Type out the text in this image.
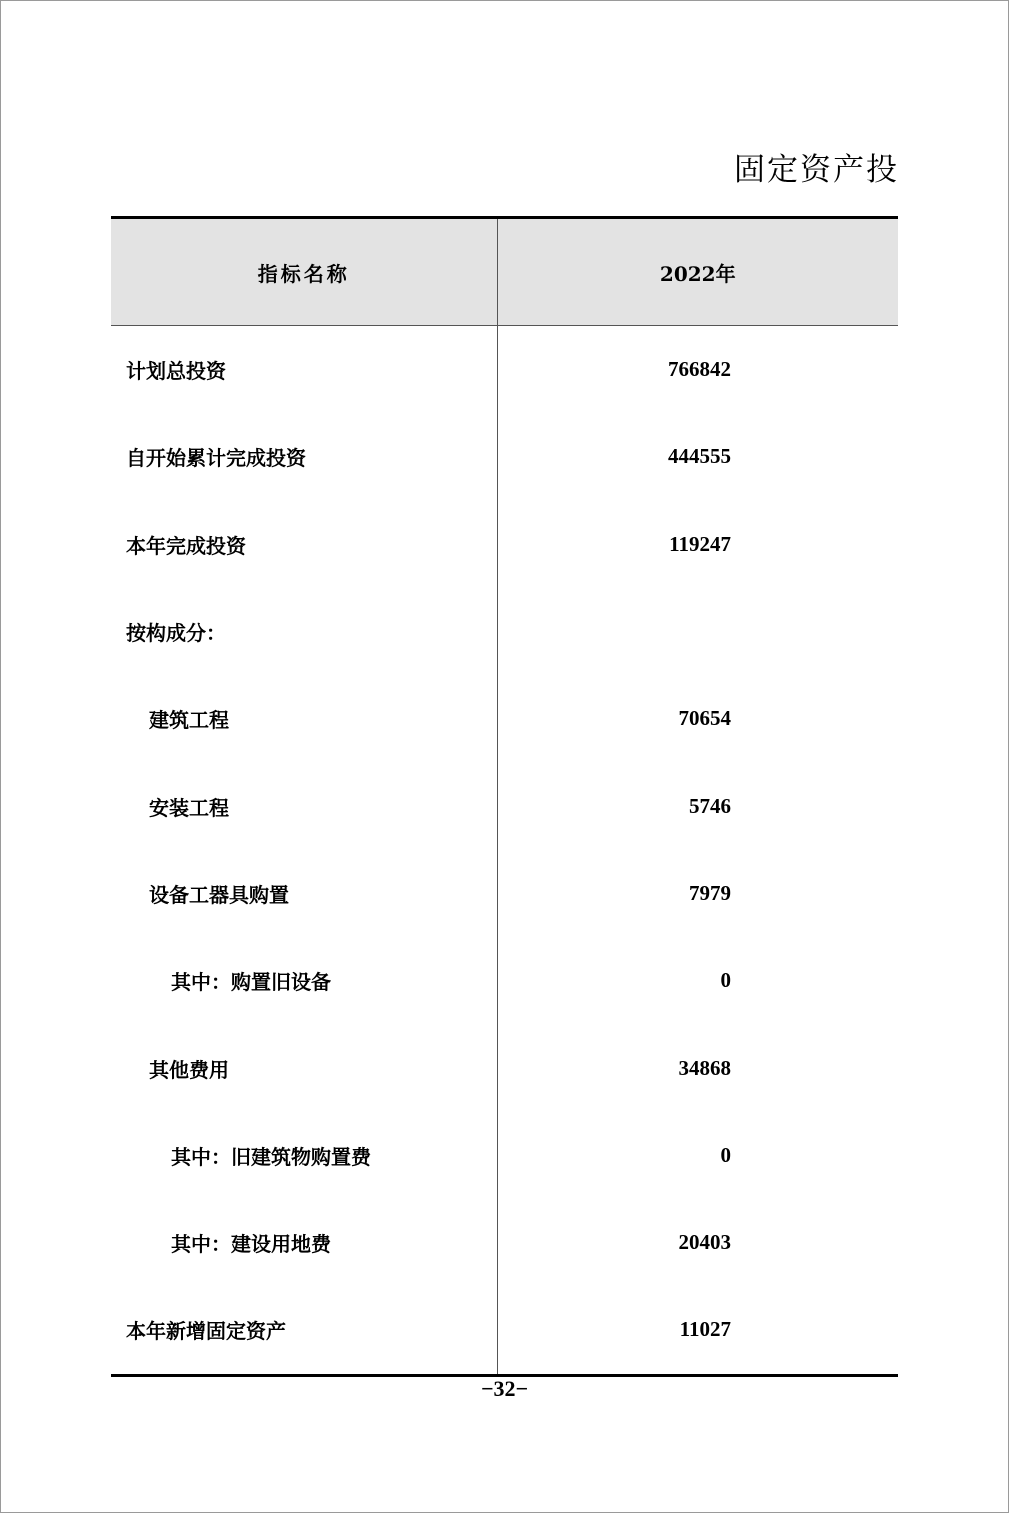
固定资产投
指标名称	2022年
计划总投资	766842
自开始累计完成投资	444555
本年完成投资	119247
按构成分：	
建筑工程	70654
安装工程	5746
设备工器具购置	7979
其中：购置旧设备	0
其他费用	34868
其中：旧建筑物购置费	0
其中：建设用地费	20403
本年新增固定资产	11027
−32−
